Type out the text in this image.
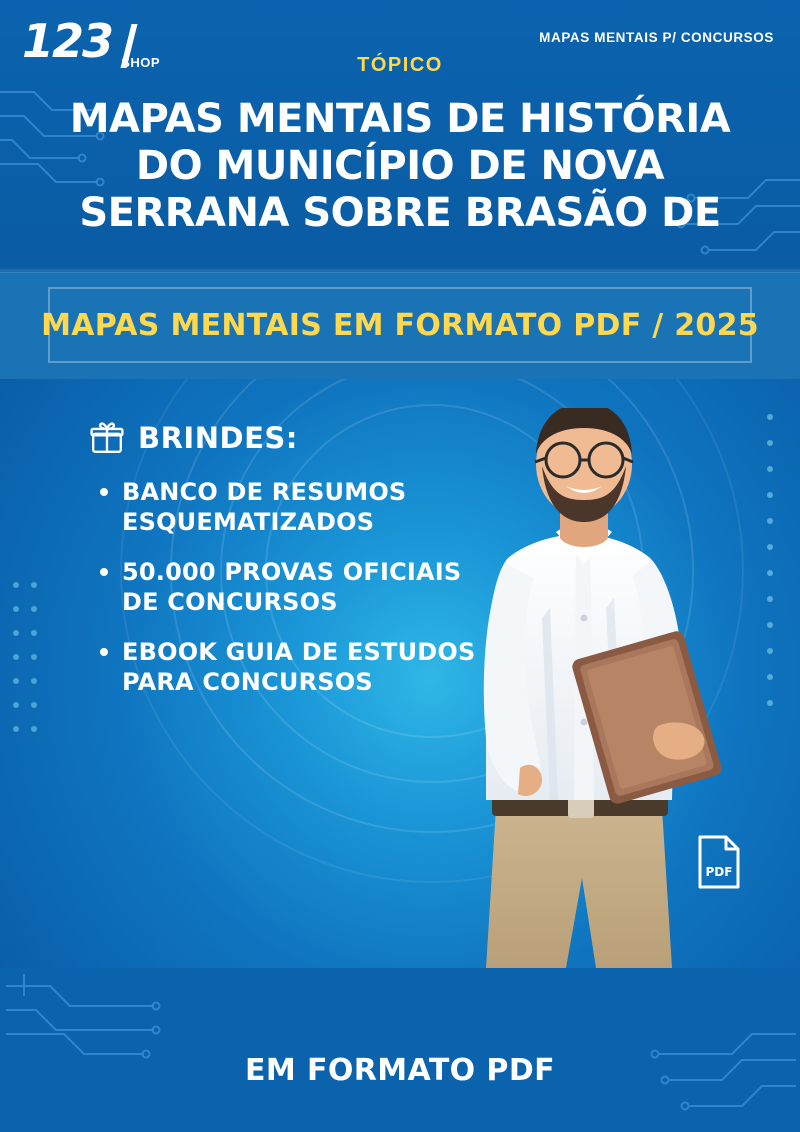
123 SHOP
MAPAS MENTAIS P/ CONCURSOS
TÓPICO
MAPAS MENTAIS DE HISTÓRIA DO MUNICÍPIO DE NOVA SERRANA SOBRE BRASÃO DE
MAPAS MENTAIS EM FORMATO PDF / 2025
BRINDES:
BANCO DE RESUMOS ESQUEMATIZADOS
50.000 PROVAS OFICIAIS DE CONCURSOS
EBOOK GUIA DE ESTUDOS PARA CONCURSOS
PDF
EM FORMATO PDF
